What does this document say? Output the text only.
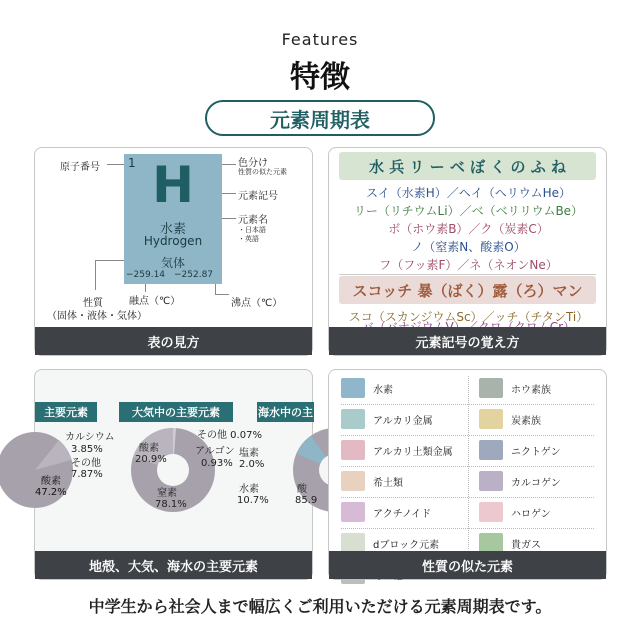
Features
特徴
元素周期表
原子番号 1 H
水素
Hydrogen
気体
−259.14 −252.87
色分け
性質の似た元素
元素記号
元素名
・日本語
・英語
性質
（固体・液体・気体）
融点（℃）	沸点（℃）
表の見方
水 兵 リ ー ベ ぼ く の ふ ね
スイ（水素H）／ヘイ（ヘリウムHe）
リー（リチウムLi）／ベ（ベリリウムBe）
ボ（ホウ素B）／ク（炭素C）
ノ（窒素N、酸素O）
フ（フッ素F）／ネ（ネオンNe）
スコッチ 暴（ばく）露（ろ）マン
スコ（スカンジウムSc）／ッチ（チタンTi）
元素記号の覚え方
主要元素	大気中の主要元素	海水中の主
カルシウム
3.85%
その他
7.87%
酸素
47.2%
その他 0.07%
酸素
20.9%
アルゴン
0.93%
窒素
78.1%
塩素
2.0%
水素
10.7%
酸
85.9
地殻、大気、海水の主要元素
水素	ホウ素族
アルカリ金属	炭素族
アルカリ土類金属	ニクトゲン
希土類	カルコゲン
アクチノイド	ハロゲン
dブロック元素	貴ガス
性質の似た元素
中学生から社会人まで幅広くご利用いただける元素周期表です。
